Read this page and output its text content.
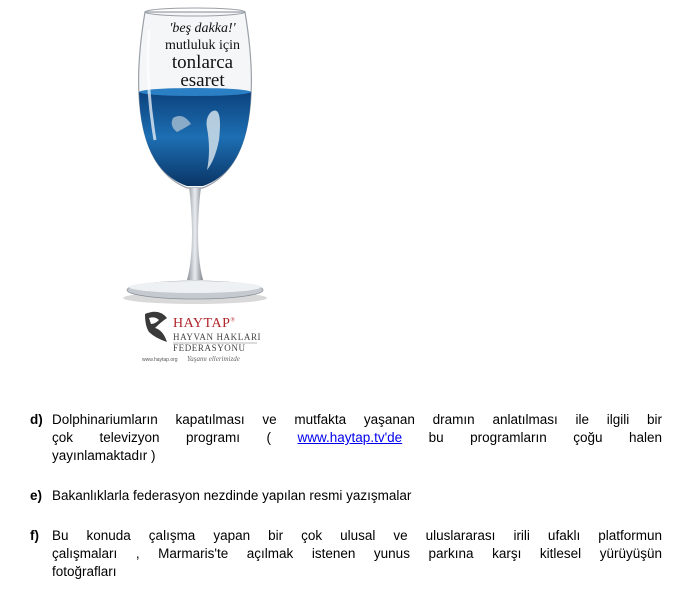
'beş dakka!'
mutluluk için
tonlarca
esaret
HAYTAP®
HAYVAN HAKLARI
FEDERASYONU
Yaşamı ellerimizde
www.haytap.org
d) Dolphinariumların kapatılması ve mutfakta yaşanan dramın anlatılması ile ilgili bir
çok televizyon programı ( www.haytap.tv'de bu programların çoğu halen
yayınlamaktadır )
e) Bakanlıklarla federasyon nezdinde yapılan resmi yazışmalar
f) Bu konuda çalışma yapan bir çok ulusal ve uluslararası irili ufaklı platformun
çalışmaları , Marmaris'te açılmak istenen yunus parkına karşı kitlesel yürüyüşün
fotoğrafları
